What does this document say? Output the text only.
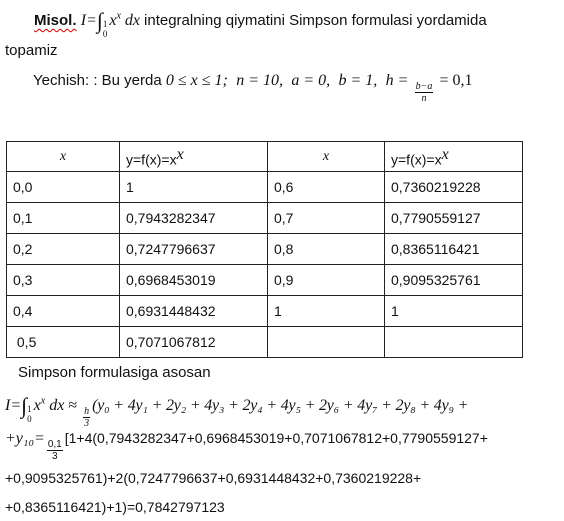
Misol. I=∫ 1
0
$x^x$ dx integralning qiymatini Simpson formulasi yordamida
topamiz
Yechish: : Bu yerda 0 ≤ x ≤ 1; n = 10, a = 0, b = 1, h =
$\frac{b-a}{n}$
= 0,1
x	$y=f(x)=x^x$	x	$y=f(x)=x^x$
0,0	1	0,6	0,7360219228
0,1	0,7943282347	0,7	0,7790559127
0,2	0,7247796637	0,8	0,8365116421
0,3	0,6968453019	0,9	0,9095325761
0,4	0,6931448432	1	1
0,5	0,7071067812		
Simpson formulasiga asosan
I=∫ 1
0
$x^x$ dx ≈
$\frac{h}{3}$
(y₀ + 4y₁ + 2y₂ + 4y₃ + 2y₄ + 4y₅ + 2y₆ + 4y₇ + 2y₈ + 4y₉ +
+y₁₀=
$\frac{0,1}{3}$
[1+4(0,7943282347+0,6968453019+0,7071067812+0,7790559127+
+0,9095325761)+2(0,7247796637+0,6931448432+0,7360219228+
+0,8365116421)+1)=0,7842797123
